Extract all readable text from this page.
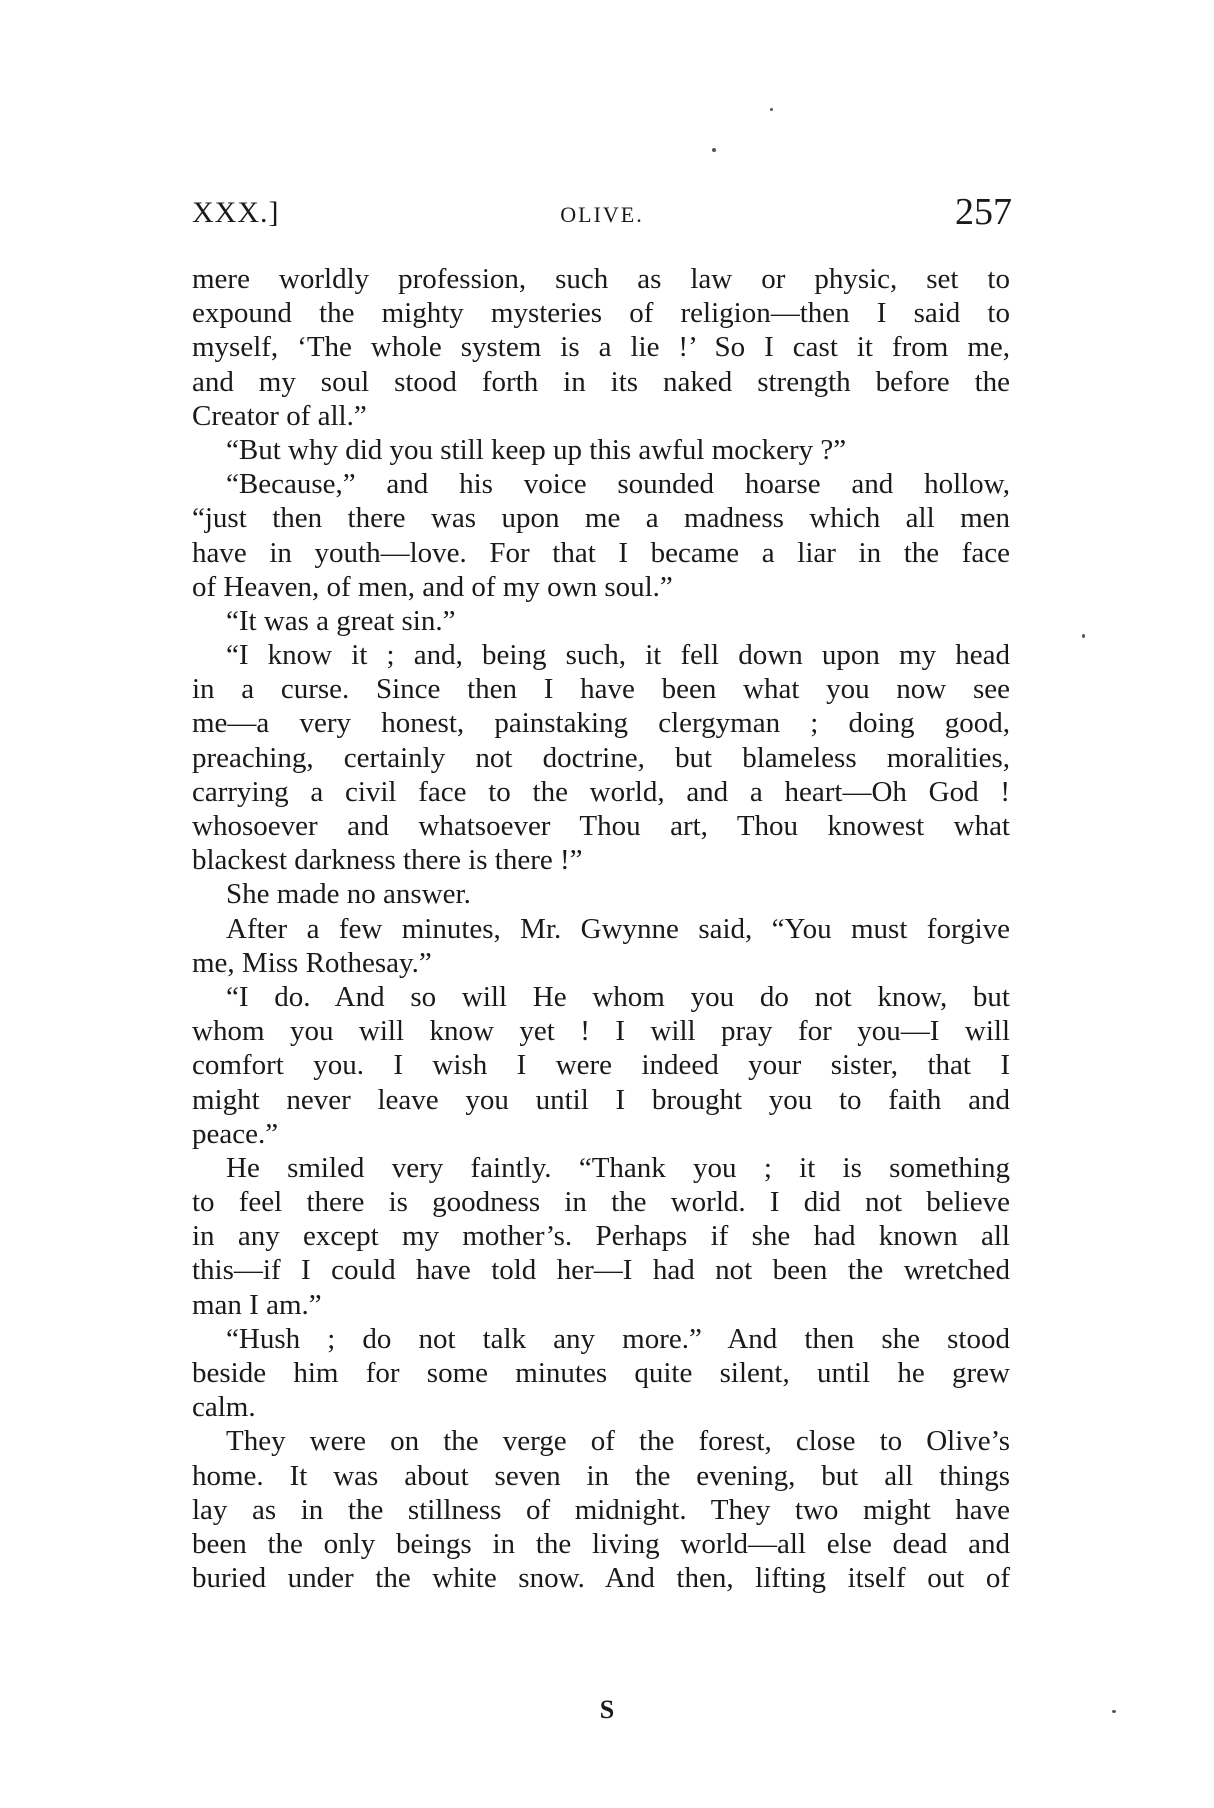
XXX.]	OLIVE.	257
mere worldly profession, such as law or physic, set to
expound the mighty mysteries of religion—then I said to
myself, ‘The whole system is a lie !’ So I cast it from me,
and my soul stood forth in its naked strength before the
Creator of all.”
“But why did you still keep up this awful mockery ?”
“Because,” and his voice sounded hoarse and hollow,
“just then there was upon me a madness which all men
have in youth—love. For that I became a liar in the face
of Heaven, of men, and of my own soul.”
“It was a great sin.”
“I know it ; and, being such, it fell down upon my head
in a curse. Since then I have been what you now see
me—a very honest, painstaking clergyman ; doing good,
preaching, certainly not doctrine, but blameless moralities,
carrying a civil face to the world, and a heart—Oh God !
whosoever and whatsoever Thou art, Thou knowest what
blackest darkness there is there !”
She made no answer.
After a few minutes, Mr. Gwynne said, “You must forgive
me, Miss Rothesay.”
“I do. And so will He whom you do not know, but
whom you will know yet ! I will pray for you—I will
comfort you. I wish I were indeed your sister, that I
might never leave you until I brought you to faith and
peace.”
He smiled very faintly. “Thank you ; it is something
to feel there is goodness in the world. I did not believe
in any except my mother’s. Perhaps if she had known all
this—if I could have told her—I had not been the wretched
man I am.”
“Hush ; do not talk any more.” And then she stood
beside him for some minutes quite silent, until he grew
calm.
They were on the verge of the forest, close to Olive’s
home. It was about seven in the evening, but all things
lay as in the stillness of midnight. They two might have
been the only beings in the living world—all else dead and
buried under the white snow. And then, lifting itself out of
S
